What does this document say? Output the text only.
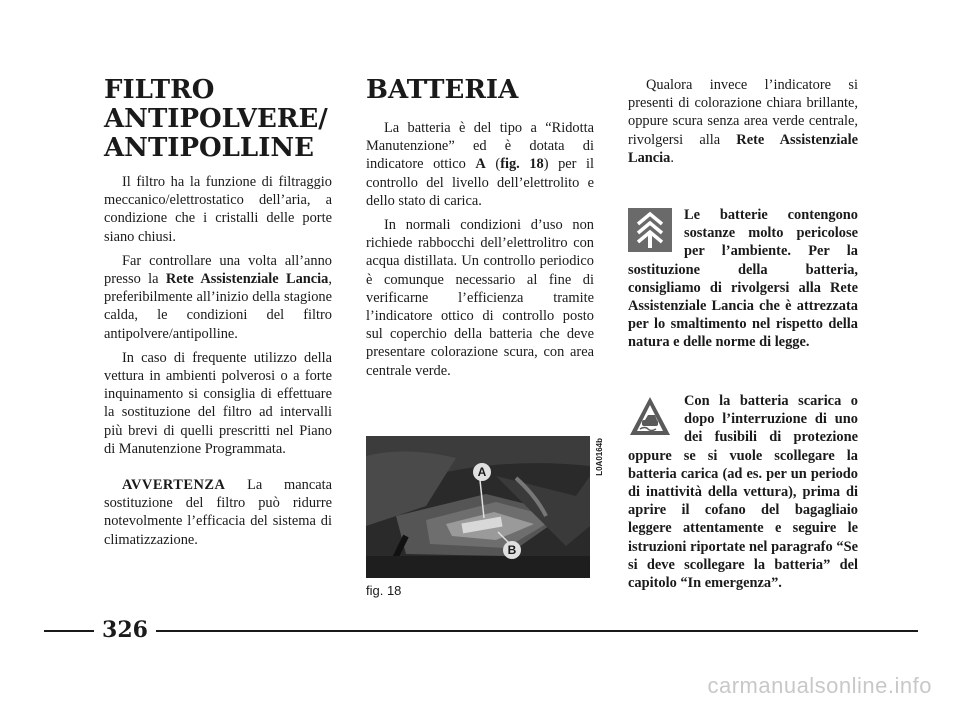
FILTRO
ANTIPOLVERE/
ANTIPOLLINE

Il filtro ha la funzione di filtraggio meccanico/elettrostatico dell’aria, a condizione che i cristalli delle porte siano chiusi.

Far controllare una volta all’anno presso la Rete Assistenziale Lancia, preferibilmente all’inizio della stagione calda, le condizioni del filtro antipolvere/antipolline.

In caso di frequente utilizzo della vettura in ambienti polverosi o a forte inquinamento si consiglia di effettuare la sostituzione del filtro ad intervalli più brevi di quelli prescritti nel Piano di Manutenzione Programmata.

AVVERTENZA La mancata sostituzione del filtro può ridurre notevolmente l’efficacia del sistema di climatizzazione.

BATTERIA

La batteria è del tipo a “Ridotta Manutenzione” ed è dotata di indicatore ottico A (fig. 18) per il controllo del livello dell’elettrolito e dello stato di carica.

In normali condizioni d’uso non richiede rabbocchi dell’elettrolitro con acqua distillata. Un controllo periodico è comunque necessario al fine di verificarne l’efficienza tramite l’indicatore ottico di controllo posto sul coperchio della batteria che deve presentare colorazione scura, con area centrale verde.

Qualora invece l’indicatore si presenti di colorazione chiara brillante, oppure scura senza area verde centrale, rivolgersi alla Rete Assistenziale Lancia.

Le batterie contengono sostanze molto pericolose per l’ambiente. Per la sostituzione della batteria, consigliamo di rivolgersi alla Rete Assistenziale Lancia che è attrezzata per lo smaltimento nel rispetto della natura e delle norme di legge.

Con la batteria scarica o dopo l’interruzione di uno dei fusibili di protezione oppure se si vuole scollegare la batteria carica (ad es. per un periodo di inattività della vettura), prima di aprire il cofano del bagagliaio leggere attentamente e seguire le istruzioni riportate nel paragrafo “Se si deve scollegare la batteria” del capitolo “In emergenza”.

A
B
L0A0164b
fig. 18
326
carmanualsonline.info
